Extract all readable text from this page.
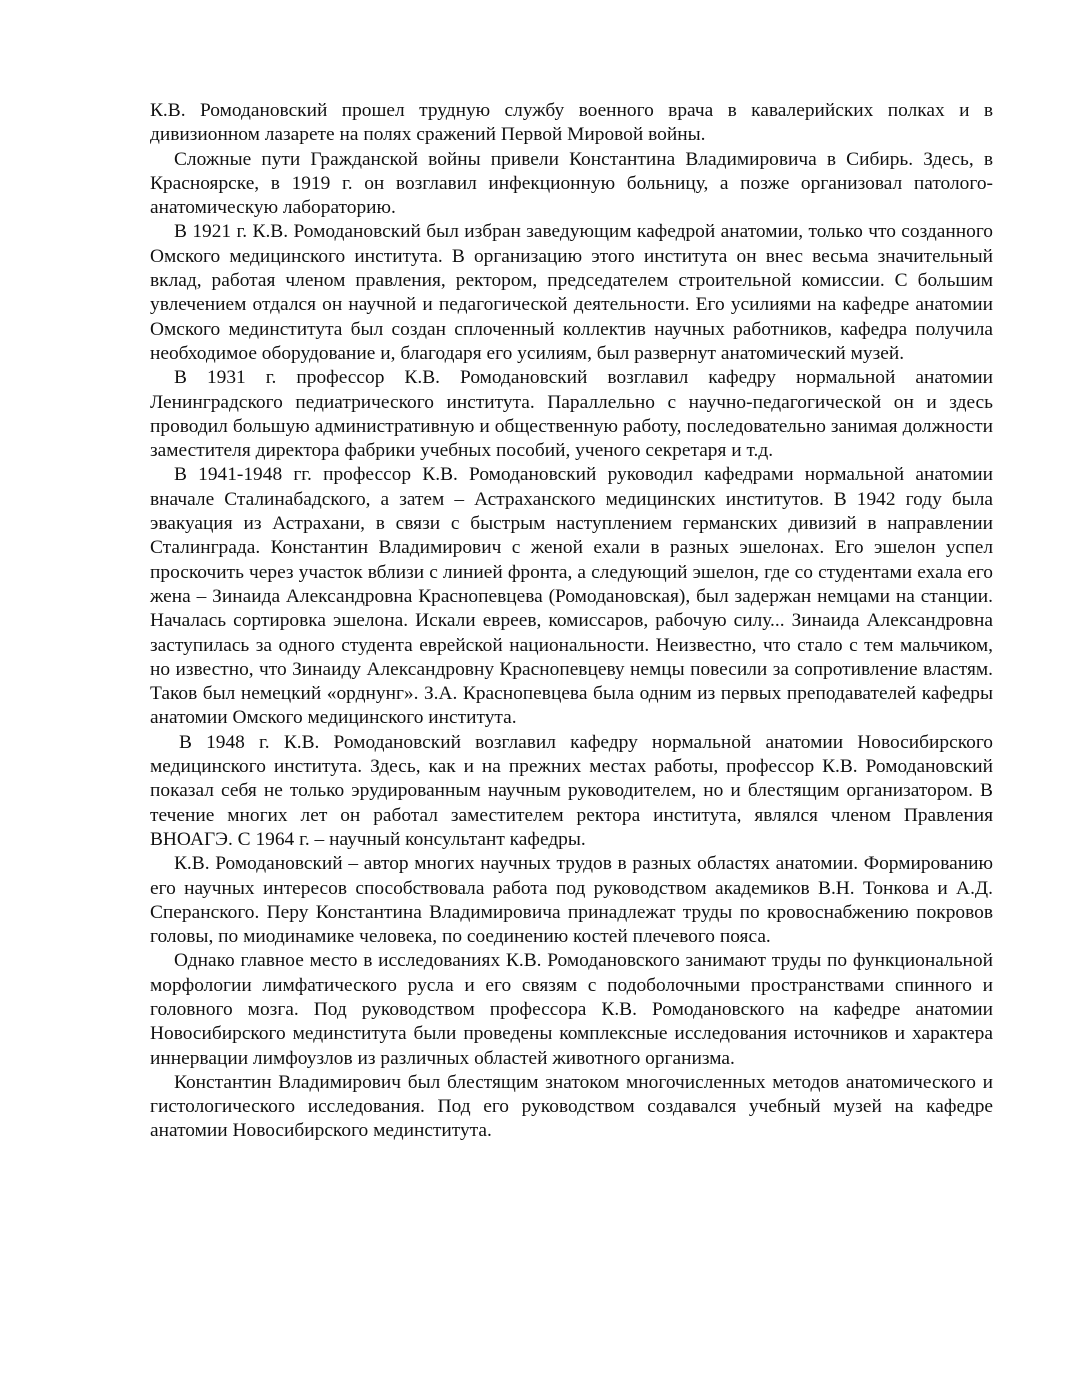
К.В. Ромодановский прошел трудную службу военного врача в кавалерийских полках и в дивизионном лазарете на полях сражений Первой Мировой войны.

Сложные пути Гражданской войны привели Константина Владимировича в Сибирь. Здесь, в Красноярске, в 1919 г. он возглавил инфекционную больницу, а позже организовал патолого-анатомическую лабораторию.

В 1921 г. К.В. Ромодановский был избран заведующим кафедрой анатомии, только что созданного Омского медицинского института. В организацию этого института он внес весьма значительный вклад, работая членом правления, ректором, председателем строительной комиссии. С большим увлечением отдался он научной и педагогической деятельности. Его усилиями на кафедре анатомии Омского мединститута был создан сплоченный коллектив научных работников, кафедра получила необходимое оборудование и, благодаря его усилиям, был развернут анатомический музей.

В 1931 г. профессор К.В. Ромодановский возглавил кафедру нормальной анатомии Ленинградского педиатрического института. Параллельно с научно-педагогической он и здесь проводил большую административную и общественную работу, последовательно занимая должности заместителя директора фабрики учебных пособий, ученого секретаря и т.д.

В 1941-1948 гг. профессор К.В. Ромодановский руководил кафедрами нормальной анатомии вначале Сталинабадского, а затем – Астраханского медицинских институтов. В 1942 году была эвакуация из Астрахани, в связи с быстрым наступлением германских дивизий в направлении Сталинграда. Константин Владимирович с женой ехали в разных эшелонах. Его эшелон успел проскочить через участок вблизи с линией фронта, а следующий эшелон, где со студентами ехала его жена – Зинаида Александровна Краснопевцева (Ромодановская), был задержан немцами на станции. Началась сортировка эшелона. Искали евреев, комиссаров, рабочую силу... Зинаида Александровна заступилась за одного студента еврейской национальности. Неизвестно, что стало с тем мальчиком, но известно, что Зинаиду Александровну Краснопевцеву немцы повесили за сопротивление властям. Таков был немецкий «орднунг». З.А. Краснопевцева была одним из первых преподавателей кафедры анатомии Омского медицинского института.

В 1948 г. К.В. Ромодановский возглавил кафедру нормальной анатомии Новосибирского медицинского института. Здесь, как и на прежних местах работы, профессор К.В. Ромодановский показал себя не только эрудированным научным руководителем, но и блестящим организатором. В течение многих лет он работал заместителем ректора института, являлся членом Правления ВНОАГЭ. С 1964 г. – научный консультант кафедры.

К.В. Ромодановский – автор многих научных трудов в разных областях анатомии. Формированию его научных интересов способствовала работа под руководством академиков В.Н. Тонкова и А.Д. Сперанского. Перу Константина Владимировича принадлежат труды по кровоснабжению покровов головы, по миодинамике человека, по соединению костей плечевого пояса.

Однако главное место в исследованиях К.В. Ромодановского занимают труды по функциональной морфологии лимфатического русла и его связям с подоболочными пространствами спинного и головного мозга. Под руководством профессора К.В. Ромодановского на кафедре анатомии Новосибирского мединститута были проведены комплексные исследования источников и характера иннервации лимфоузлов из различных областей животного организма.

Константин Владимирович был блестящим знатоком многочисленных методов анатомического и гистологического исследования. Под его руководством создавался учебный музей на кафедре анатомии Новосибирского мединститута.
